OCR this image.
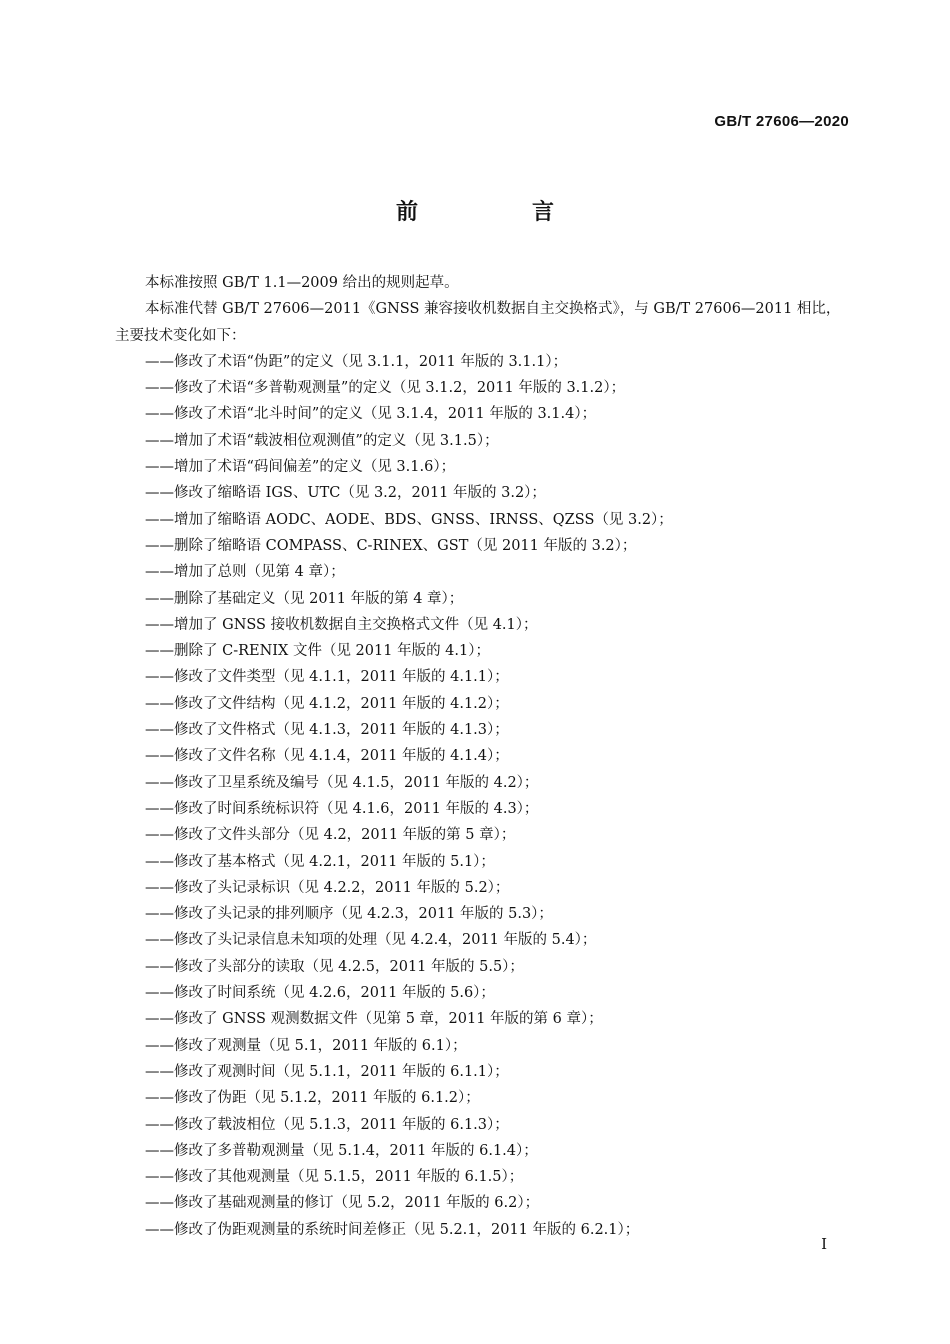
GB/T 27606—2020
前　言

本标准按照 GB/T 1.1—2009 给出的规则起草。

本标准代替 GB/T 27606—2011《GNSS 兼容接收机数据自主交换格式》，与 GB/T 27606—2011 相比，主要技术变化如下：

——修改了术语“伪距”的定义（见 3.1.1，2011 年版的 3.1.1）；

——修改了术语“多普勒观测量”的定义（见 3.1.2，2011 年版的 3.1.2）；

——修改了术语“北斗时间”的定义（见 3.1.4，2011 年版的 3.1.4）；

——增加了术语“载波相位观测值”的定义（见 3.1.5）；

——增加了术语“码间偏差”的定义（见 3.1.6）；

——修改了缩略语 IGS、UTC（见 3.2，2011 年版的 3.2）；

——增加了缩略语 AODC、AODE、BDS、GNSS、IRNSS、QZSS（见 3.2）；

——删除了缩略语 COMPASS、C-RINEX、GST（见 2011 年版的 3.2）；

——增加了总则（见第 4 章）；

——删除了基础定义（见 2011 年版的第 4 章）；

——增加了 GNSS 接收机数据自主交换格式文件（见 4.1）；

——删除了 C-RENIX 文件（见 2011 年版的 4.1）；

——修改了文件类型（见 4.1.1，2011 年版的 4.1.1）；

——修改了文件结构（见 4.1.2，2011 年版的 4.1.2）；

——修改了文件格式（见 4.1.3，2011 年版的 4.1.3）；

——修改了文件名称（见 4.1.4，2011 年版的 4.1.4）；

——修改了卫星系统及编号（见 4.1.5，2011 年版的 4.2）；

——修改了时间系统标识符（见 4.1.6，2011 年版的 4.3）；

——修改了文件头部分（见 4.2，2011 年版的第 5 章）；

——修改了基本格式（见 4.2.1，2011 年版的 5.1）；

——修改了头记录标识（见 4.2.2，2011 年版的 5.2）；

——修改了头记录的排列顺序（见 4.2.3，2011 年版的 5.3）；

——修改了头记录信息未知项的处理（见 4.2.4，2011 年版的 5.4）；

——修改了头部分的读取（见 4.2.5，2011 年版的 5.5）；

——修改了时间系统（见 4.2.6，2011 年版的 5.6）；

——修改了 GNSS 观测数据文件（见第 5 章，2011 年版的第 6 章）；

——修改了观测量（见 5.1，2011 年版的 6.1）；

——修改了观测时间（见 5.1.1，2011 年版的 6.1.1）；

——修改了伪距（见 5.1.2，2011 年版的 6.1.2）；

——修改了载波相位（见 5.1.3，2011 年版的 6.1.3）；

——修改了多普勒观测量（见 5.1.4，2011 年版的 6.1.4）；

——修改了其他观测量（见 5.1.5，2011 年版的 6.1.5）；

——修改了基础观测量的修订（见 5.2，2011 年版的 6.2）；

——修改了伪距观测量的系统时间差修正（见 5.2.1，2011 年版的 6.2.1）；

I
